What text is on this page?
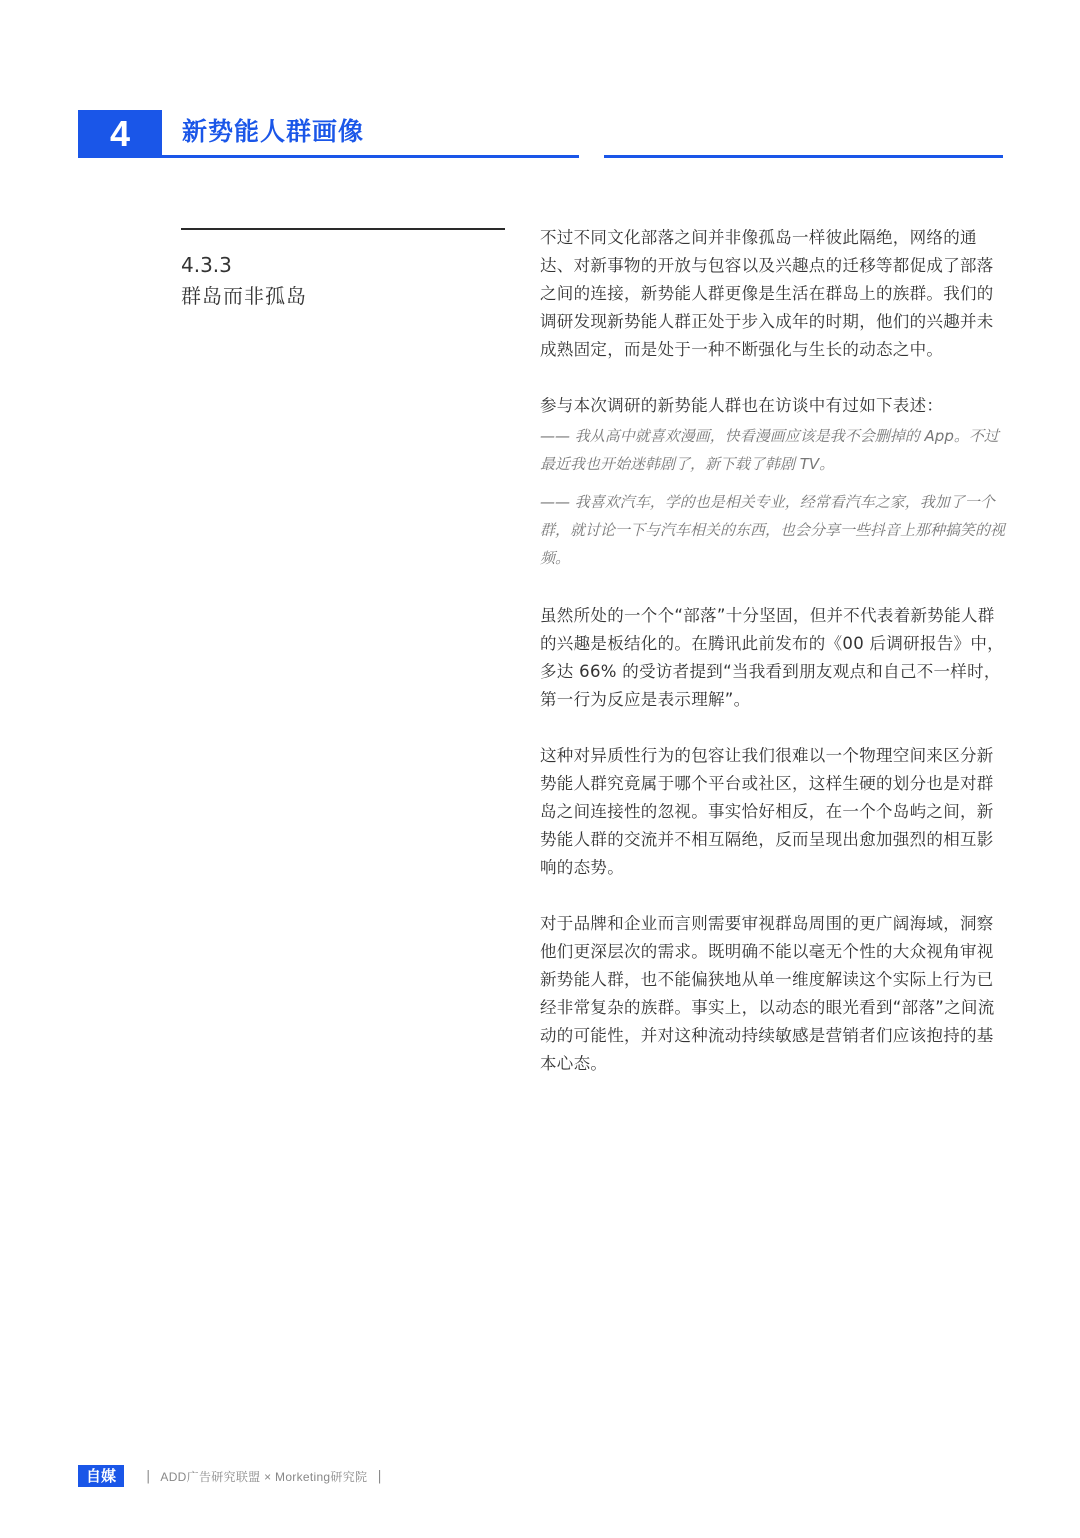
4	新势能人群画像
4.3.3
群岛而非孤岛

不过不同文化部落之间并非像孤岛一样彼此隔绝，网络的通达、对新事物的开放与包容以及兴趣点的迁移等都促成了部落之间的连接，新势能人群更像是生活在群岛上的族群。我们的调研发现新势能人群正处于步入成年的时期，他们的兴趣并未成熟固定，而是处于一种不断强化与生长的动态之中。

参与本次调研的新势能人群也在访谈中有过如下表述：

—— 我从高中就喜欢漫画，快看漫画应该是我不会删掉的 App。不过最近我也开始迷韩剧了，新下载了韩剧 TV。

—— 我喜欢汽车，学的也是相关专业，经常看汽车之家，我加了一个群，就讨论一下与汽车相关的东西，也会分享一些抖音上那种搞笑的视频。

虽然所处的一个个“部落”十分坚固，但并不代表着新势能人群的兴趣是板结化的。在腾讯此前发布的《00 后调研报告》中，多达 66% 的受访者提到“当我看到朋友观点和自己不一样时，第一行为反应是表示理解”。

这种对异质性行为的包容让我们很难以一个物理空间来区分新势能人群究竟属于哪个平台或社区，这样生硬的划分也是对群岛之间连接性的忽视。事实恰好相反，在一个个岛屿之间，新势能人群的交流并不相互隔绝，反而呈现出愈加强烈的相互影响的态势。

对于品牌和企业而言则需要审视群岛周围的更广阔海域，洞察他们更深层次的需求。既明确不能以毫无个性的大众视角审视新势能人群，也不能偏狭地从单一维度解读这个实际上行为已经非常复杂的族群。事实上，以动态的眼光看到“部落”之间流动的可能性，并对这种流动持续敏感是营销者们应该抱持的基本心态。

自媒	| ADD广告研究联盟 × Morketing研究院 |
